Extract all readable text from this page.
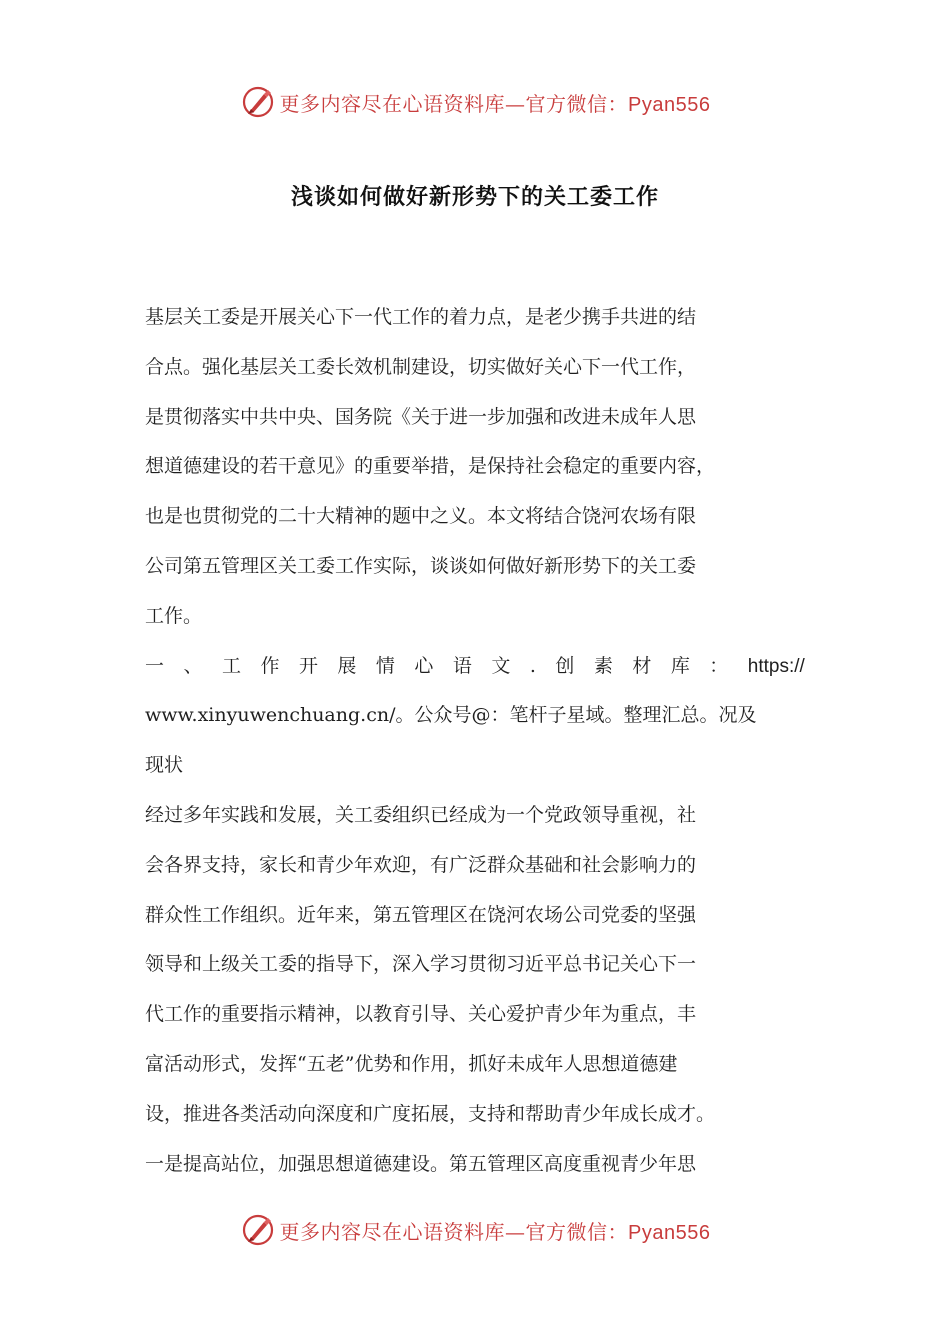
更多内容尽在心语资料库—官方微信：Pyan556
浅谈如何做好新形势下的关工委工作
基层关工委是开展关心下一代工作的着力点，是老少携手共进的结
合点。强化基层关工委长效机制建设，切实做好关心下一代工作，
是贯彻落实中共中央、国务院《关于进一步加强和改进未成年人思
想道德建设的若干意见》的重要举措，是保持社会稳定的重要内容，
也是也贯彻党的二十大精神的题中之义。本文将结合饶河农场有限
公司第五管理区关工委工作实际，谈谈如何做好新形势下的关工委
工作。
一 、 工 作 开 展 情 心 语 文 . 创 素 材 库 ： https://
www.xinyuwenchuang.cn/。公众号@：笔杆子星域。整理汇总。况及
现状
经过多年实践和发展，关工委组织已经成为一个党政领导重视，社
会各界支持，家长和青少年欢迎，有广泛群众基础和社会影响力的
群众性工作组织。近年来，第五管理区在饶河农场公司党委的坚强
领导和上级关工委的指导下，深入学习贯彻习近平总书记关心下一
代工作的重要指示精神，以教育引导、关心爱护青少年为重点，丰
富活动形式，发挥“五老”优势和作用，抓好未成年人思想道德建
设，推进各类活动向深度和广度拓展，支持和帮助青少年成长成才。
一是提高站位，加强思想道德建设。第五管理区高度重视青少年思
更多内容尽在心语资料库—官方微信：Pyan556
